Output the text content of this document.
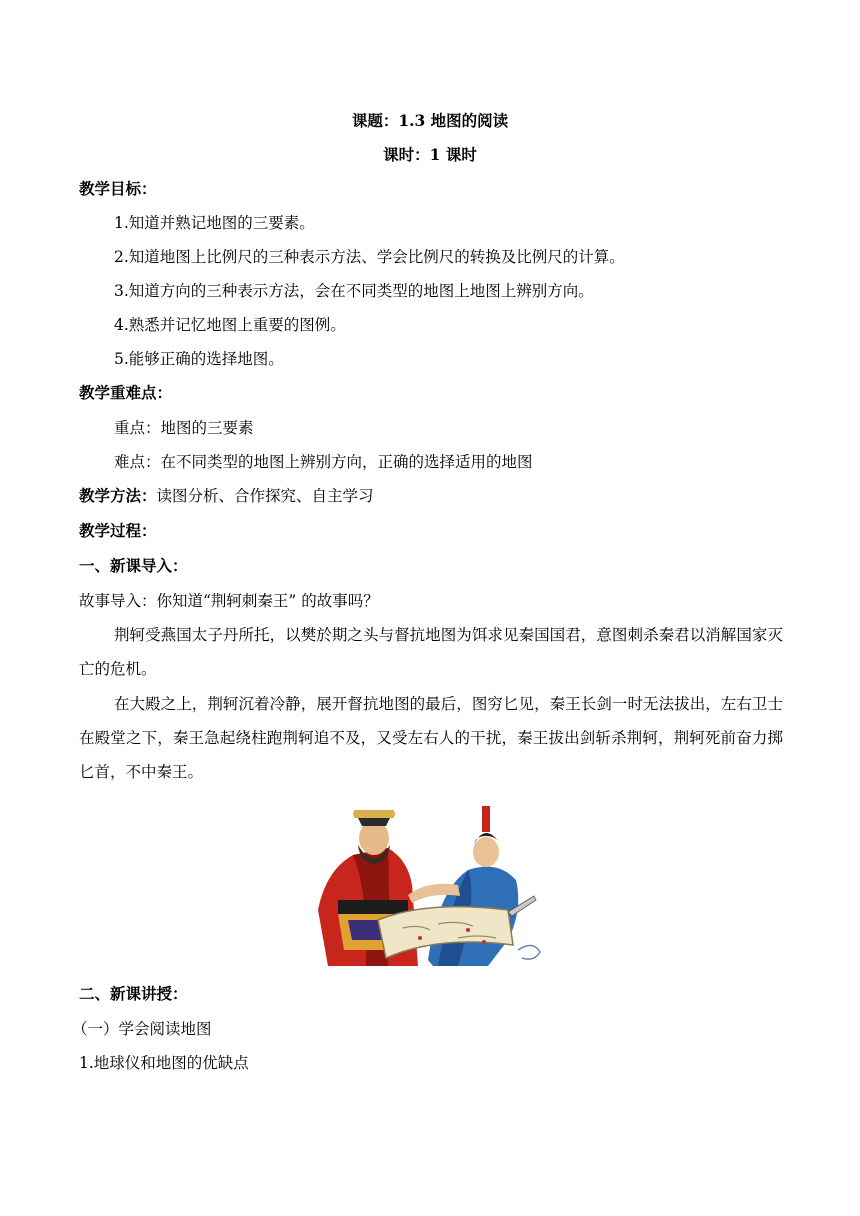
课题：1.3 地图的阅读
课时：1 课时
教学目标：
1.知道并熟记地图的三要素。
2.知道地图上比例尺的三种表示方法、学会比例尺的转换及比例尺的计算。
3.知道方向的三种表示方法，会在不同类型的地图上地图上辨别方向。
4.熟悉并记忆地图上重要的图例。
5.能够正确的选择地图。
教学重难点：
重点：地图的三要素
难点：在不同类型的地图上辨别方向，正确的选择适用的地图
教学方法：读图分析、合作探究、自主学习
教学过程：
一、新课导入：
故事导入：你知道“荆轲刺秦王” 的故事吗？
荆轲受燕国太子丹所托，以樊於期之头与督抗地图为饵求见秦国国君，意图刺杀秦君以消解国家灭亡的危机。
在大殿之上，荆轲沉着冷静，展开督抗地图的最后，图穷匕见，秦王长剑一时无法拔出，左右卫士在殿堂之下，秦王急起绕柱跑荆轲追不及，又受左右人的干扰，秦王拔出剑斩杀荆轲，荆轲死前奋力掷匕首，不中秦王。
二、新课讲授：
（一）学会阅读地图
1.地球仪和地图的优缺点
